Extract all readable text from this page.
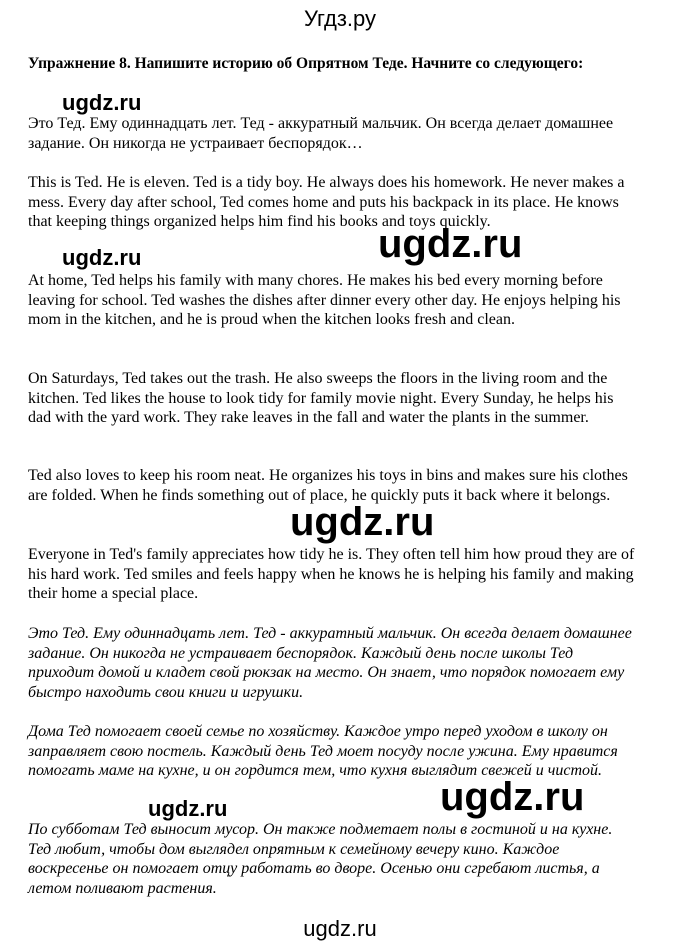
Угдз.ру
Упражнение 8. Напишите историю об Опрятном Теде. Начните со следующего:

Это Тед. Ему одиннадцать лет. Тед - аккуратный мальчик. Он всегда делает домашнее задание. Он никогда не устраивает беспорядок…

This is Ted. He is eleven. Ted is a tidy boy. He always does his homework. He never makes a mess. Every day after school, Ted comes home and puts his backpack in its place. He knows that keeping things organized helps him find his books and toys quickly.

At home, Ted helps his family with many chores. He makes his bed every morning before leaving for school. Ted washes the dishes after dinner every other day. He enjoys helping his mom in the kitchen, and he is proud when the kitchen looks fresh and clean.

On Saturdays, Ted takes out the trash. He also sweeps the floors in the living room and the kitchen. Ted likes the house to look tidy for family movie night. Every Sunday, he helps his dad with the yard work. They rake leaves in the fall and water the plants in the summer.

Ted also loves to keep his room neat. He organizes his toys in bins and makes sure his clothes are folded. When he finds something out of place, he quickly puts it back where it belongs.

Everyone in Ted's family appreciates how tidy he is. They often tell him how proud they are of his hard work. Ted smiles and feels happy when he knows he is helping his family and making their home a special place.

Это Тед. Ему одиннадцать лет. Тед - аккуратный мальчик. Он всегда делает домашнее задание. Он никогда не устраивает беспорядок. Каждый день после школы Тед приходит домой и кладет свой рюкзак на место. Он знает, что порядок помогает ему быстро находить свои книги и игрушки.

Дома Тед помогает своей семье по хозяйству. Каждое утро перед уходом в школу он заправляет свою постель. Каждый день Тед моет посуду после ужина. Ему нравится помогать маме на кухне, и он гордится тем, что кухня выглядит свежей и чистой.

По субботам Тед выносит мусор. Он также подметает полы в гостиной и на кухне. Тед любит, чтобы дом выглядел опрятным к семейному вечеру кино. Каждое воскресенье он помогает отцу работать во дворе. Осенью они сгребают листья, а летом поливают растения.

ugdz.ru
ugdz.ru	ugdz.ru
ugdz.ru
ugdz.ru	ugdz.ru
ugdz.ru
